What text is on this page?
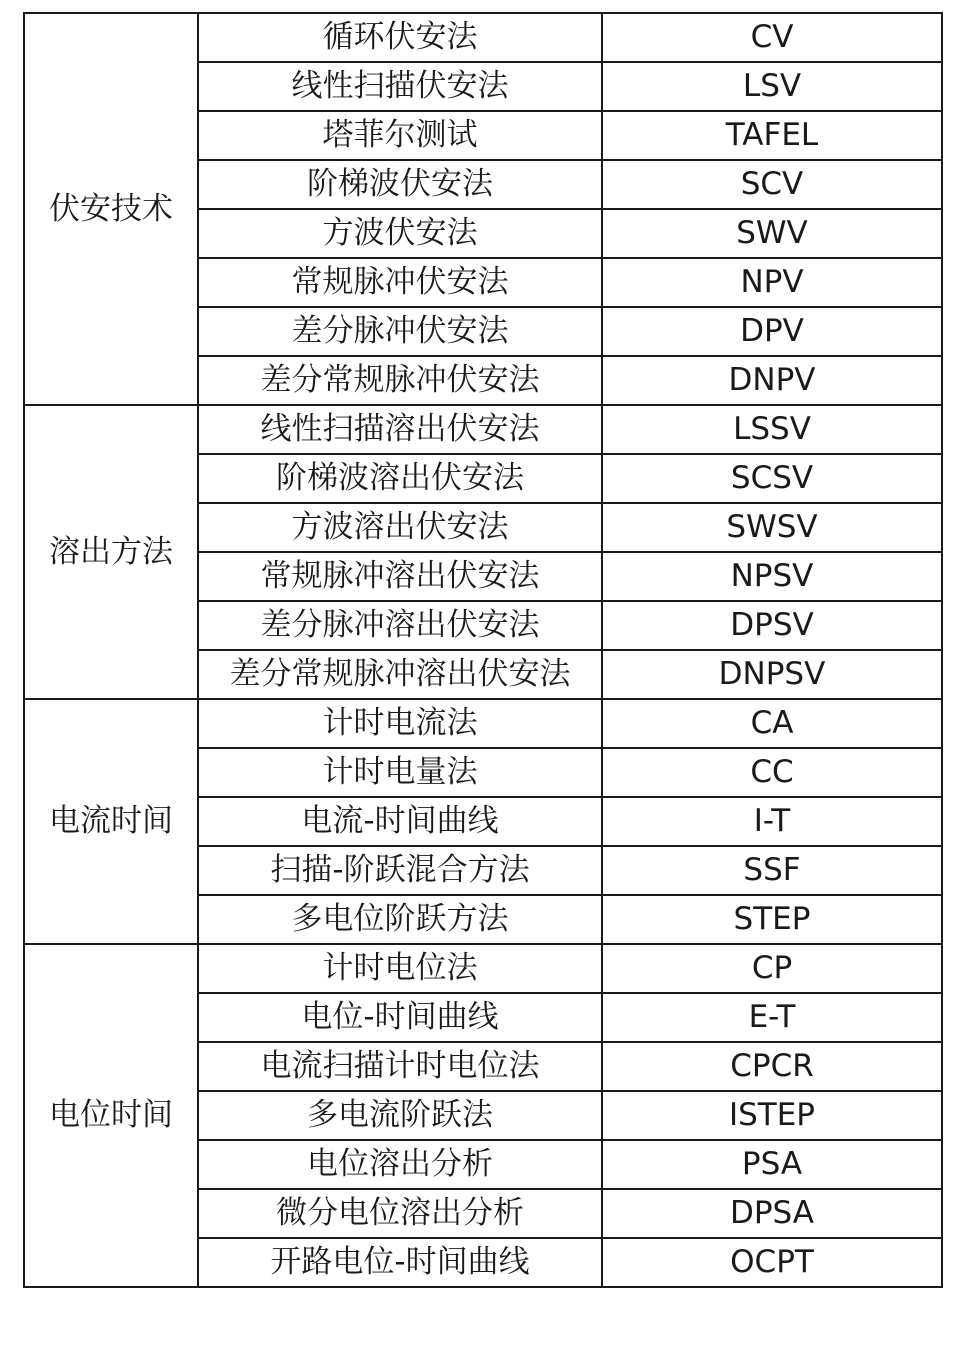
伏安技术	循环伏安法	CV
	线性扫描伏安法	LSV
	塔菲尔测试	TAFEL
	阶梯波伏安法	SCV
	方波伏安法	SWV
	常规脉冲伏安法	NPV
	差分脉冲伏安法	DPV
	差分常规脉冲伏安法	DNPV
溶出方法	线性扫描溶出伏安法	LSSV
	阶梯波溶出伏安法	SCSV
	方波溶出伏安法	SWSV
	常规脉冲溶出伏安法	NPSV
	差分脉冲溶出伏安法	DPSV
	差分常规脉冲溶出伏安法	DNPSV
电流时间	计时电流法	CA
	计时电量法	CC
	电流-时间曲线	I-T
	扫描-阶跃混合方法	SSF
	多电位阶跃方法	STEP
电位时间	计时电位法	CP
	电位-时间曲线	E-T
	电流扫描计时电位法	CPCR
	多电流阶跃法	ISTEP
	电位溶出分析	PSA
	微分电位溶出分析	DPSA
	开路电位-时间曲线	OCPT
